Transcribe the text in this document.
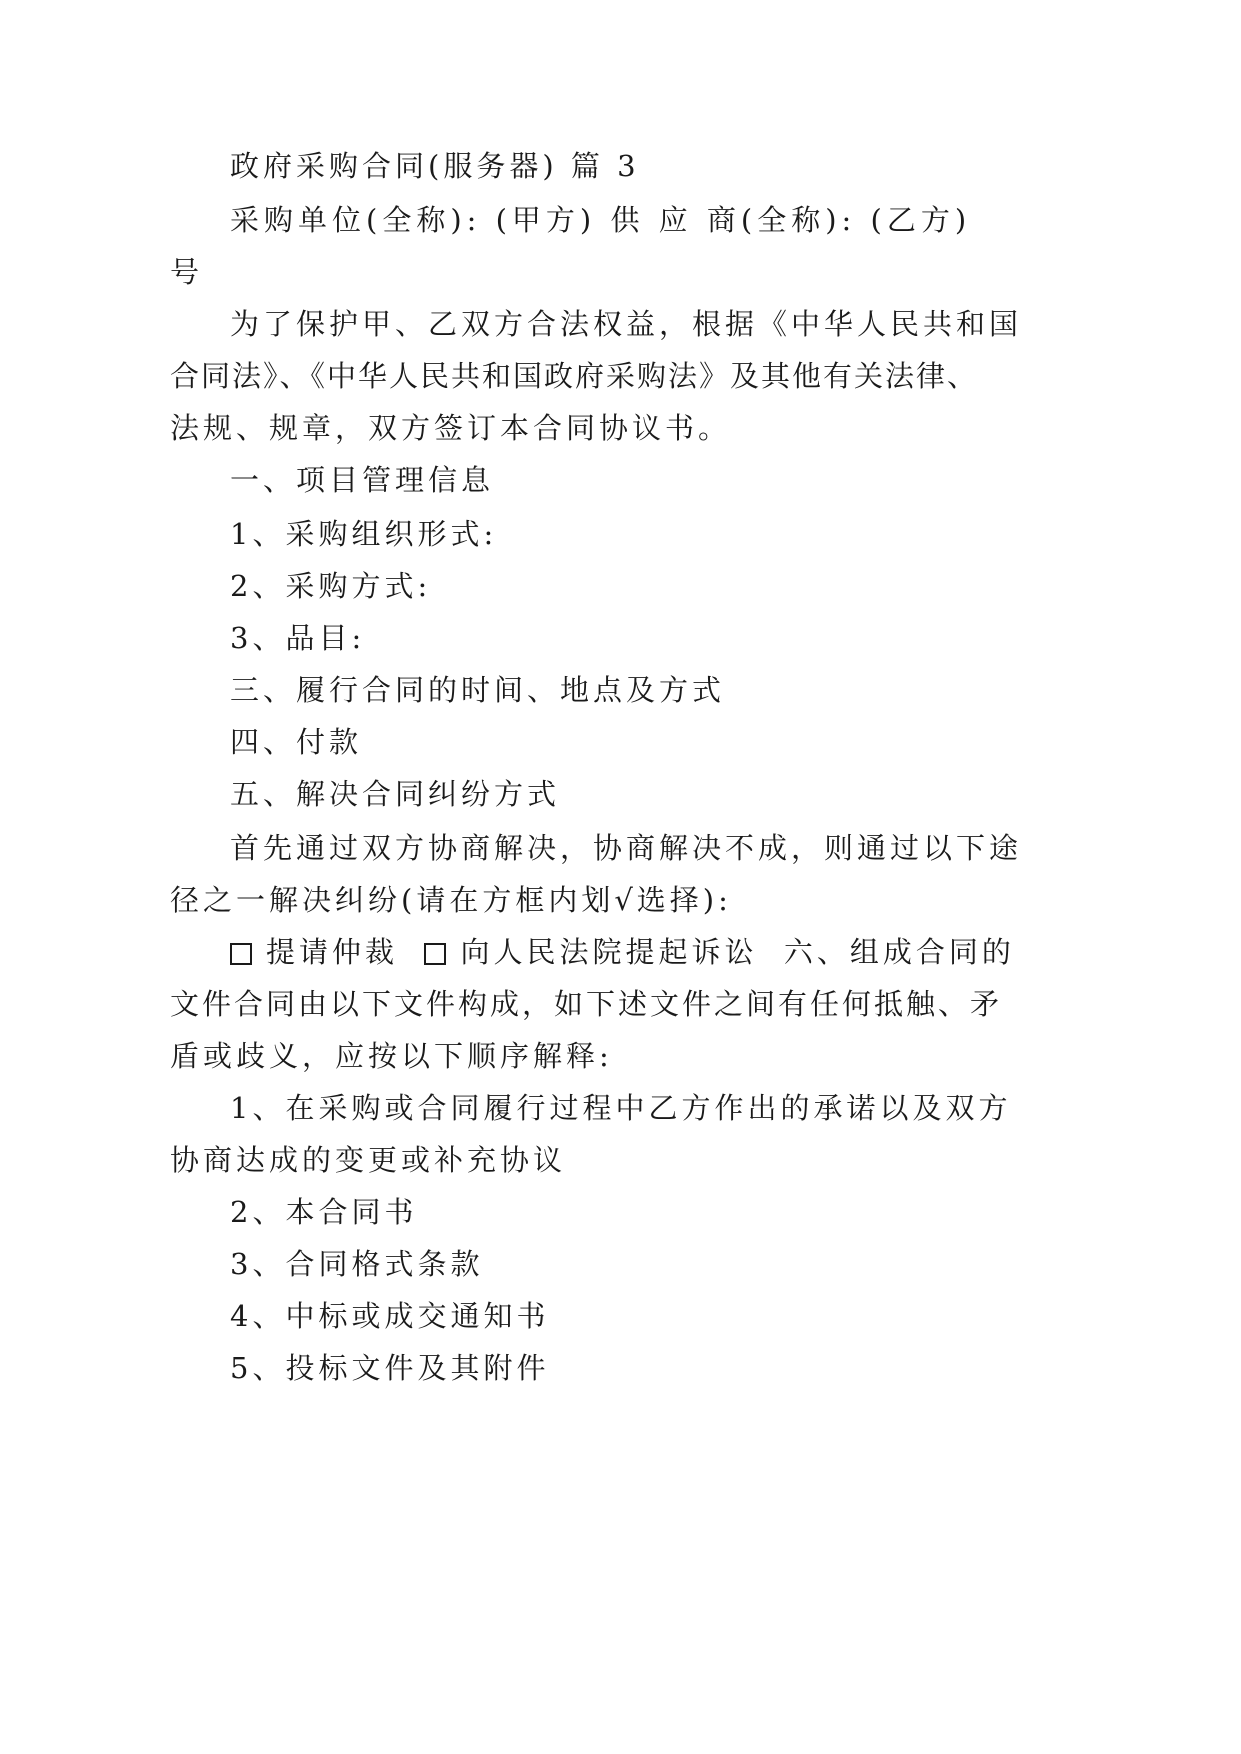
政府采购合同(服务器) 篇 3
采购单位(全称): (甲方) 供 应 商(全称): (乙方)
号
为了保护甲、乙双方合法权益，根据《中华人民共和国
合同法》、《中华人民共和国政府采购法》及其他有关法律、
法规、规章，双方签订本合同协议书。
一、项目管理信息
1、采购组织形式:
2、采购方式:
3、品目:
三、履行合同的时间、地点及方式
四、付款
五、解决合同纠纷方式
首先通过双方协商解决，协商解决不成，则通过以下途
径之一解决纠纷(请在方框内划√选择):
提请仲裁 向人民法院提起诉讼 六、组成合同的
文件合同由以下文件构成，如下述文件之间有任何抵触、矛
盾或歧义，应按以下顺序解释:
1、在采购或合同履行过程中乙方作出的承诺以及双方
协商达成的变更或补充协议
2、本合同书
3、合同格式条款
4、中标或成交通知书
5、投标文件及其附件
